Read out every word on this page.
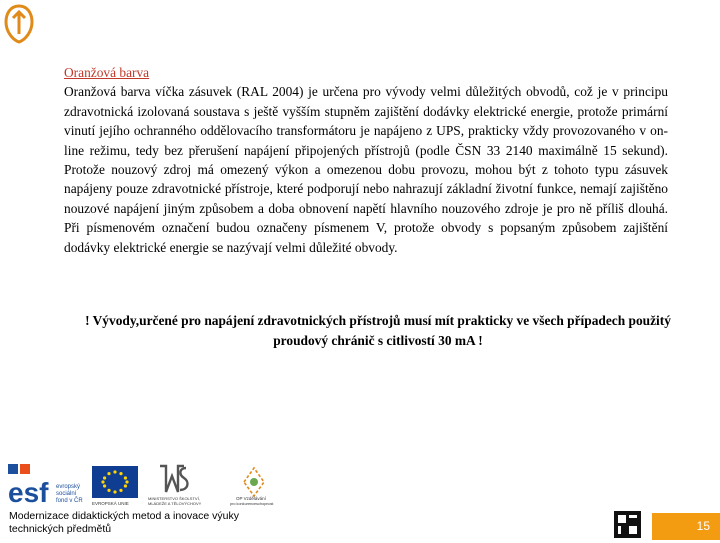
Oranžová barva

Oranžová barva víčka zásuvek (RAL 2004) je určena pro vývody velmi důležitých obvodů, což je v principu zdravotnická izolovaná soustava s ještě vyšším stupněm zajištění dodávky elektrické energie, protože primární vinutí jejího ochranného oddělovacího transformátoru je napájeno z UPS, prakticky vždy provozovaného v on-line režimu, tedy bez přerušení napájení připojených přístrojů (podle ČSN 33 2140 maximálně 15 sekund). Protože nouzový zdroj má omezený výkon a omezenou dobu provozu, mohou být z tohoto typu zásuvek napájeny pouze zdravotnické přístroje, které podporují nebo nahrazují základní životní funkce, nemají zajištěno nouzové napájení jiným způsobem a doba obnovení napětí hlavního nouzového zdroje je pro ně příliš dlouhá. Při písmenovém označení budou označeny písmenem V, protože obvody s popsaným způsobem zajištění dodávky elektrické energie se nazývají velmi důležité obvody.

! Vývody,určené pro napájení zdravotnických přístrojů musí mít prakticky ve všech případech použitý proudový chránič s citlivostí 30 mA !
esf evropský
sociální
fond v ČR EVROPSKÁ UNIE
MINISTERSTVO ŠKOLSTVÍ,
MLÁDEŽE A TĚLOVÝCHOVY
OP Vzdělávání
pro konkurenceschopnost
Modernizace didaktických metod a inovace výuky
technických předmětů	15
